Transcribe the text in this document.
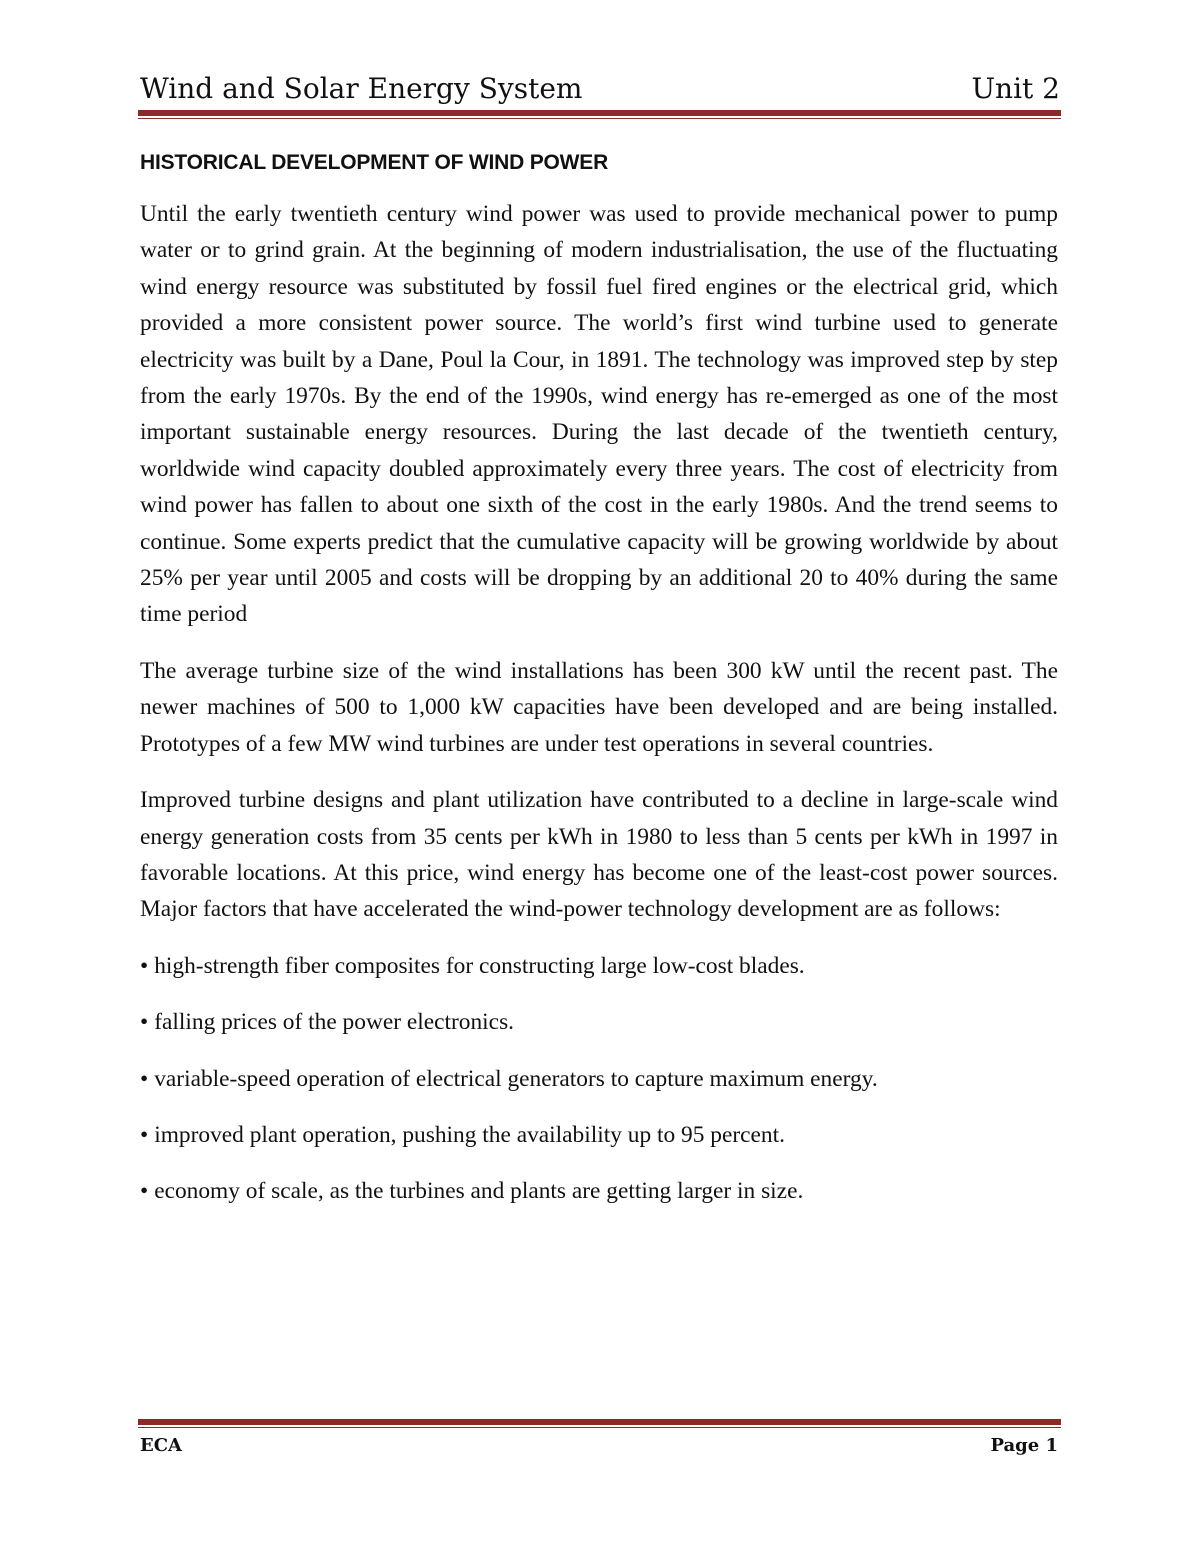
Wind and Solar Energy System	Unit 2
HISTORICAL DEVELOPMENT OF WIND POWER

Until the early twentieth century wind power was used to provide mechanical power to pump water or to grind grain. At the beginning of modern industrialisation, the use of the fluctuating wind energy resource was substituted by fossil fuel fired engines or the electrical grid, which provided a more consistent power source. The world’s first wind turbine used to generate electricity was built by a Dane, Poul la Cour, in 1891. The technology was improved step by step from the early 1970s. By the end of the 1990s, wind energy has re-emerged as one of the most important sustainable energy resources. During the last decade of the twentieth century, worldwide wind capacity doubled approximately every three years. The cost of electricity from wind power has fallen to about one sixth of the cost in the early 1980s. And the trend seems to continue. Some experts predict that the cumulative capacity will be growing worldwide by about 25% per year until 2005 and costs will be dropping by an additional 20 to 40% during the same time period

The average turbine size of the wind installations has been 300 kW until the recent past. The newer machines of 500 to 1,000 kW capacities have been developed and are being installed. Prototypes of a few MW wind turbines are under test operations in several countries.

Improved turbine designs and plant utilization have contributed to a decline in large-scale wind energy generation costs from 35 cents per kWh in 1980 to less than 5 cents per kWh in 1997 in favorable locations. At this price, wind energy has become one of the least-cost power sources. Major factors that have accelerated the wind-power technology development are as follows:

• high-strength fiber composites for constructing large low-cost blades.
• falling prices of the power electronics.
• variable-speed operation of electrical generators to capture maximum energy.
• improved plant operation, pushing the availability up to 95 percent.
• economy of scale, as the turbines and plants are getting larger in size.
ECA	Page 1
